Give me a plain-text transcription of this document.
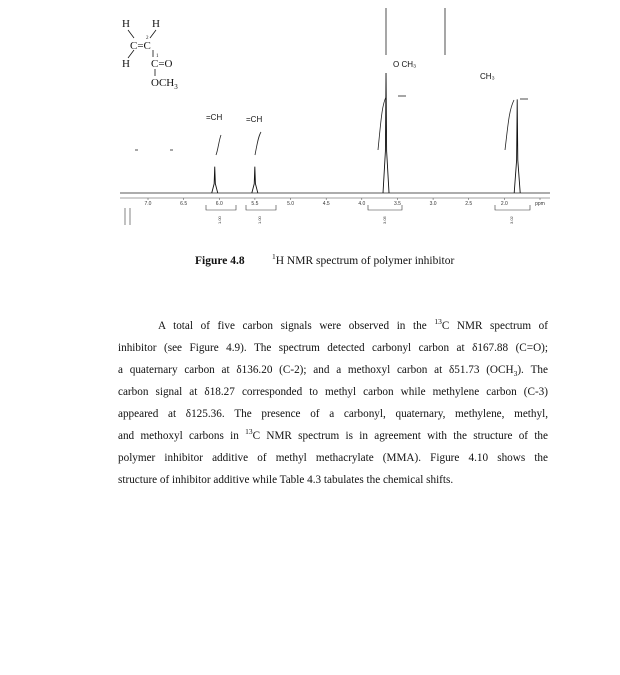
H H
C=C
2
1
H C=O
$OCH_3$
O CH₃
CH₃
=CH	=CH
7.0	6.5	6.0	5.5	5.0	4.5	4.0	3.5	3.0	2.5	2.0	ppm
1.00	1.00	3.05	3.02
Figure 4.8	$^1$H NMR spectrum of polymer inhibitor
A total of five carbon signals were observed in the $^{13}$C NMR spectrum of
inhibitor (see Figure 4.9). The spectrum detected carbonyl carbon at δ167.88 (C=O);
a quaternary carbon at δ136.20 (C-2); and a methoxyl carbon at δ51.73 $(OCH_3)$. The
carbon signal at δ18.27 corresponded to methyl carbon while methylene carbon (C-3)
appeared at δ125.36. The presence of a carbonyl, quaternary, methylene, methyl,
and methoxyl carbons in $^{13}$C NMR spectrum is in agreement with the structure of the
polymer inhibitor additive of methyl methacrylate (MMA). Figure 4.10 shows the
structure of inhibitor additive while Table 4.3 tabulates the chemical shifts.
